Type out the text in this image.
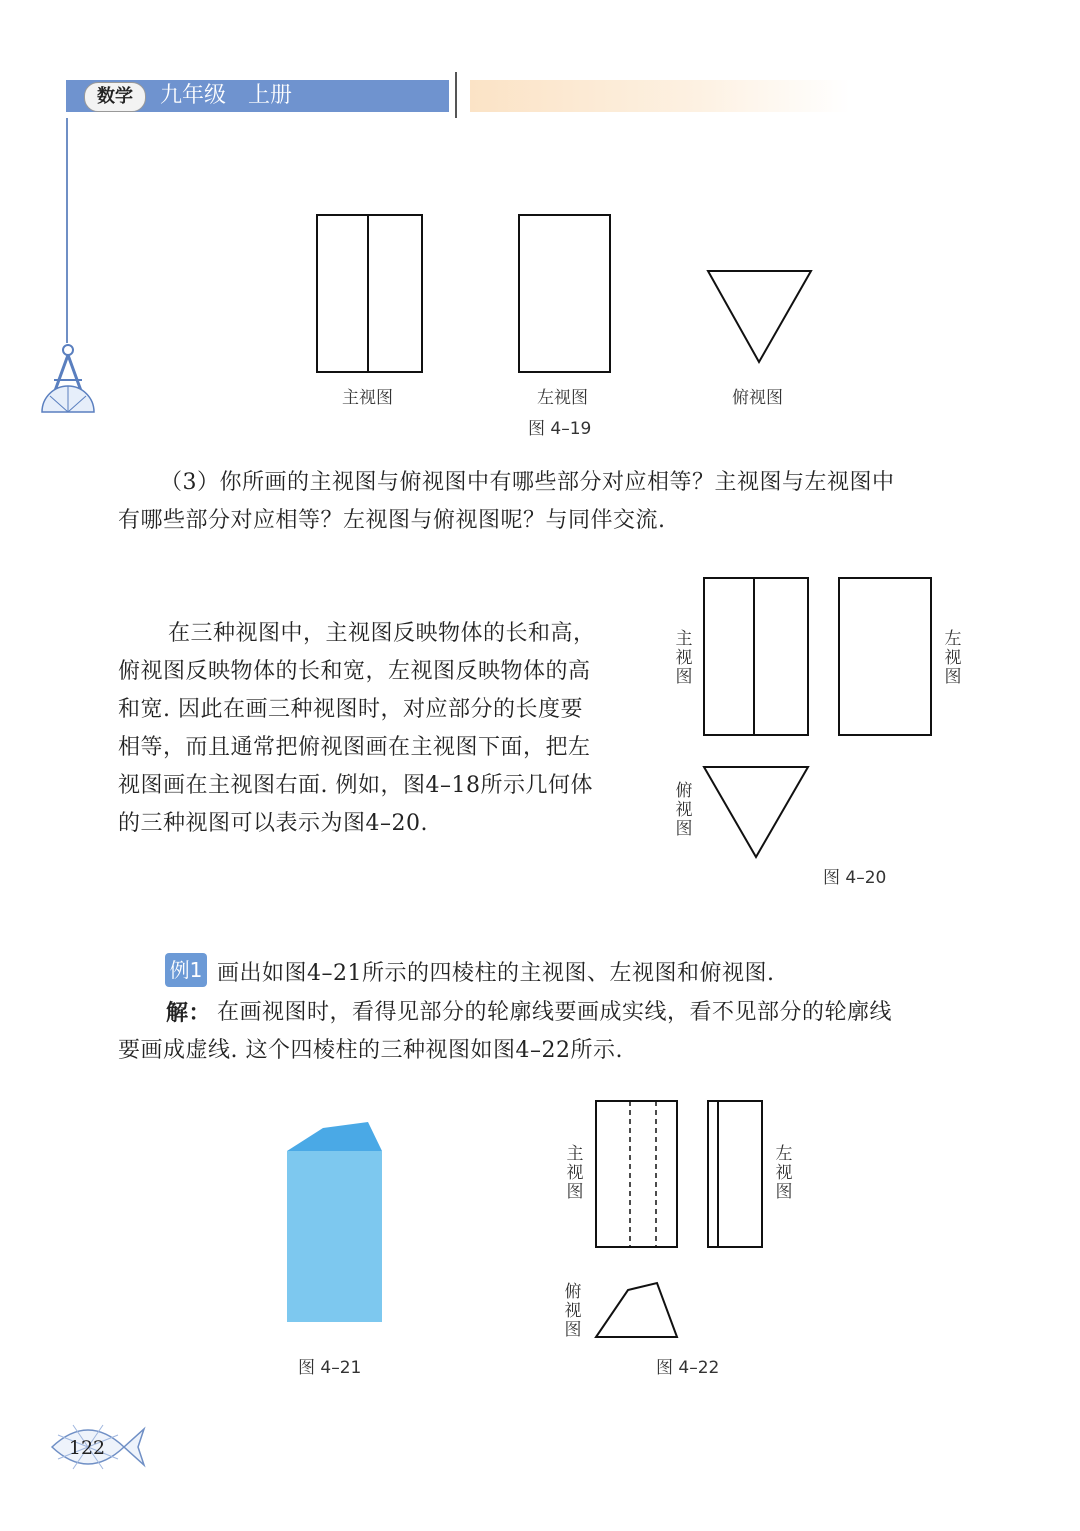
数学	九年级　上册
主视图	左视图	俯视图
图 4–19
（3）你所画的主视图与俯视图中有哪些部分对应相等？主视图与左视图中
有哪些部分对应相等？左视图与俯视图呢？与同伴交流.
在三种视图中，主视图反映物体的长和高，
俯视图反映物体的长和宽，左视图反映物体的高
和宽. 因此在画三种视图时，对应部分的长度要
相等，而且通常把俯视图画在主视图下面，把左
视图画在主视图右面. 例如，图4–18所示几何体
的三种视图可以表示为图4–20.
主视图
左视图
俯视图
图 4–20
例1 画出如图4–21所示的四棱柱的主视图、左视图和俯视图.
解： 在画视图时，看得见部分的轮廓线要画成实线，看不见部分的轮廓线
要画成虚线. 这个四棱柱的三种视图如图4–22所示.
图 4–21
主视图
左视图
俯视图
图 4–22
122
